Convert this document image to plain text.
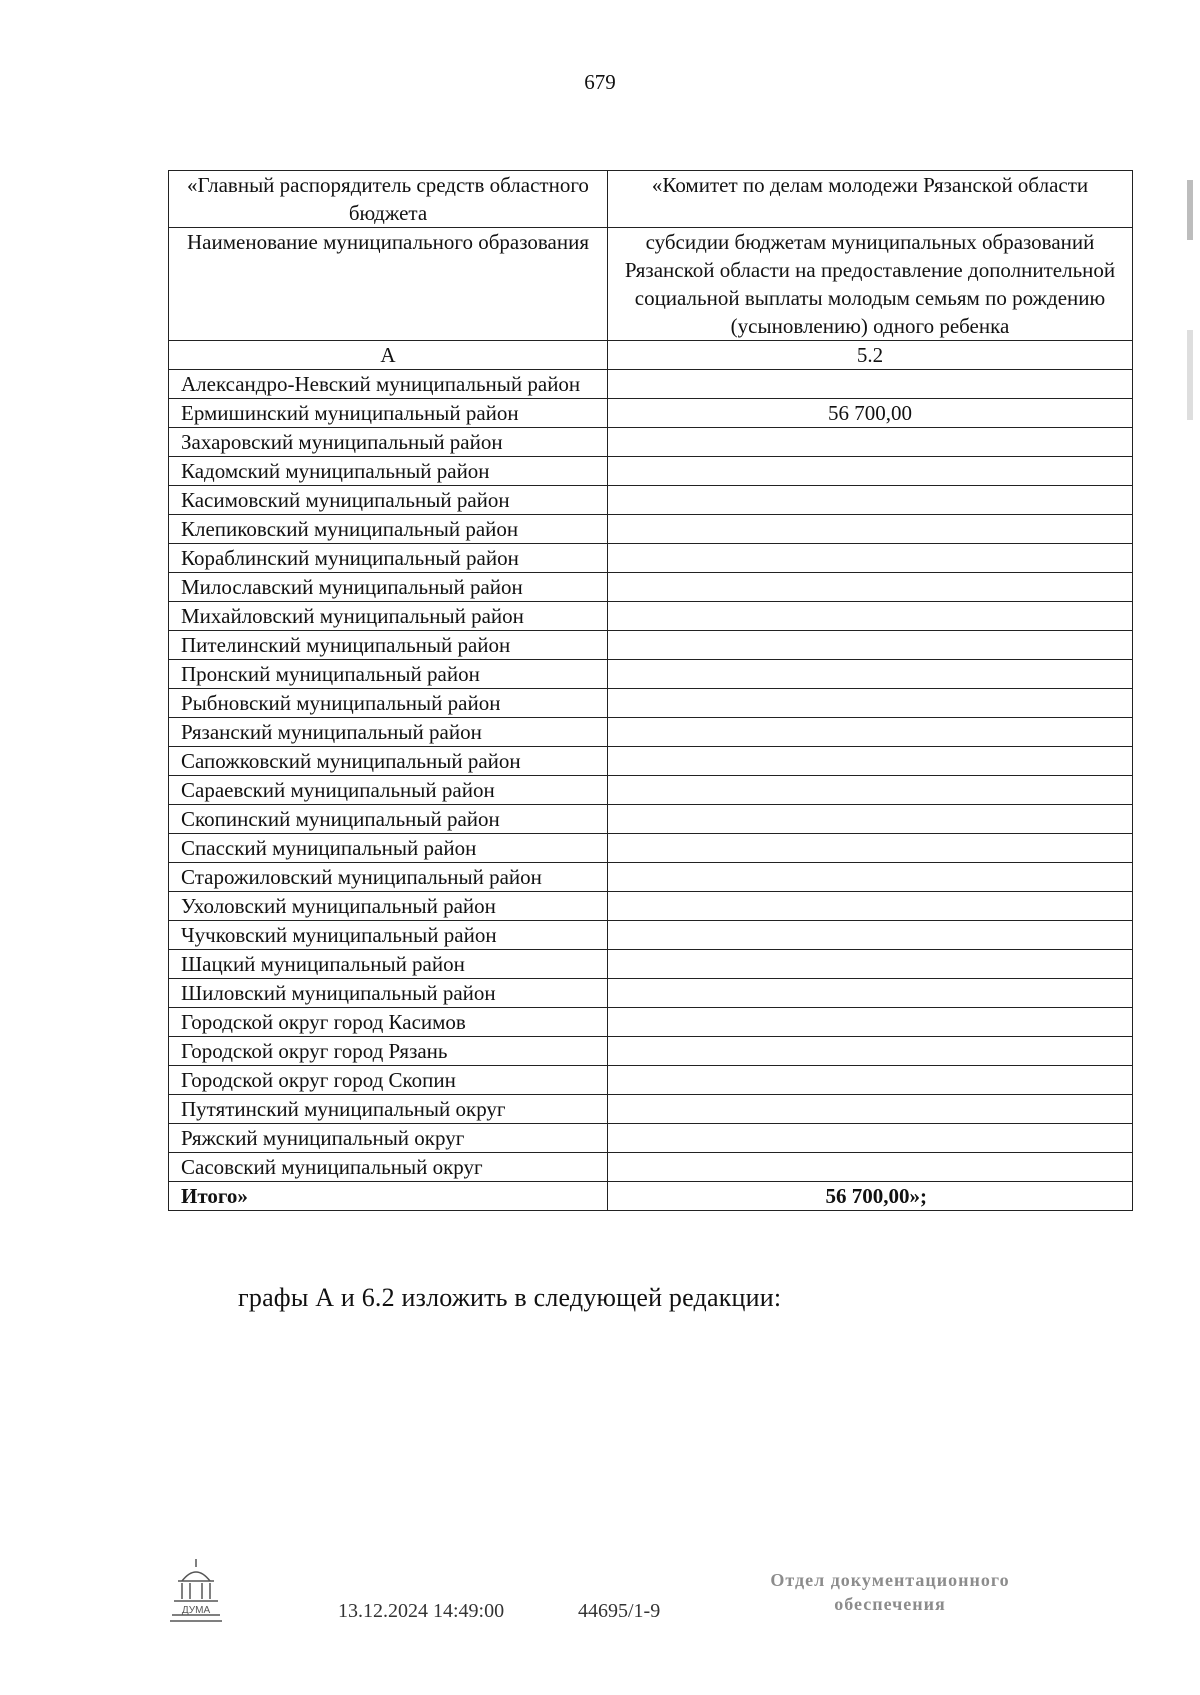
679
«Главный распорядитель средств областного бюджета	«Комитет по делам молодежи Рязанской области
Наименование муниципального образования	субсидии бюджетам муниципальных образований Рязанской области на предоставление дополнительной социальной выплаты молодым семьям по рождению (усыновлению) одного ребенка
А	5.2
Александро-Невский муниципальный район	
Ермишинский муниципальный район	56 700,00
Захаровский муниципальный район	
Кадомский муниципальный район	
Касимовский муниципальный район	
Клепиковский муниципальный район	
Кораблинский муниципальный район	
Милославский муниципальный район	
Михайловский муниципальный район	
Пителинский муниципальный район	
Пронский муниципальный район	
Рыбновский муниципальный район	
Рязанский муниципальный район	
Сапожковский муниципальный район	
Сараевский муниципальный район	
Скопинский муниципальный район	
Спасский муниципальный район	
Старожиловский муниципальный район	
Ухоловский муниципальный район	
Чучковский муниципальный район	
Шацкий муниципальный район	
Шиловский муниципальный район	
Городской округ город Касимов	
Городской округ город Рязань	
Городской округ город Скопин	
Путятинский муниципальный округ	
Ряжский муниципальный округ	
Сасовский муниципальный округ	
Итого»	56 700,00»;
графы А и 6.2 изложить в следующей редакции:
ДУМА	13.12.2024 14:49:00	44695/1-9
Отдел документационного
обеспечения
